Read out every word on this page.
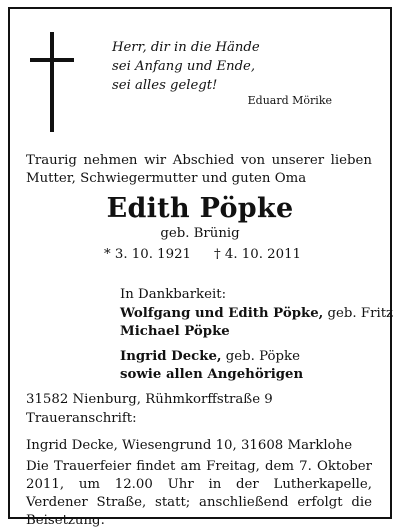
Herr, dir in die Hände
sei Anfang und Ende,
sei alles gelegt!
Eduard Mörike
Traurig nehmen wir Abschied von unserer lieben
Mutter, Schwiegermutter und guten Oma
Edith Pöpke
geb. Brünig
* 3. 10. 1921 † 4. 10. 2011
In Dankbarkeit:
Wolfgang und Edith Pöpke, geb. Fritz
Michael Pöpke
Ingrid Decke, geb. Pöpke
sowie allen Angehörigen
31582 Nienburg, Rühmkorffstraße 9
Traueranschrift:
Ingrid Decke, Wiesengrund 10, 31608 Marklohe
Die Trauerfeier findet am Freitag, dem 7. Oktober 2011, um 12.00 Uhr in der Lutherkapelle, Verdener Straße, statt; anschließend erfolgt die Beisetzung.
